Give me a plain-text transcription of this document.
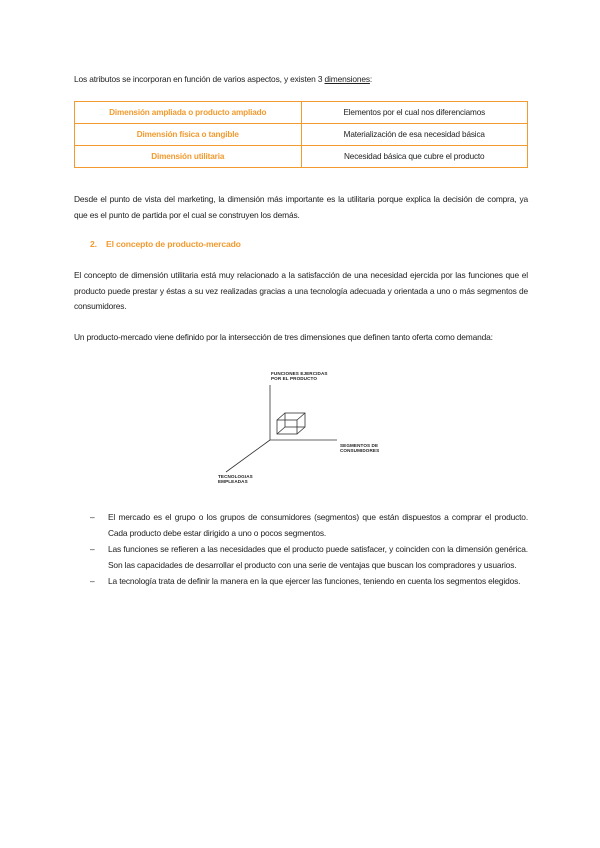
Los atributos se incorporan en función de varios aspectos, y existen 3 dimensiones:
Dimensión ampliada o producto ampliado	Elementos por el cual nos diferenciamos
Dimensión física o tangible	Materialización de esa necesidad básica
Dimensión utilitaria	Necesidad básica que cubre el producto
Desde el punto de vista del marketing, la dimensión más importante es la utilitaria porque explica la decisión de compra, ya que es el punto de partida por el cual se construyen los demás.
2. El concepto de producto-mercado
El concepto de dimensión utilitaria está muy relacionado a la satisfacción de una necesidad ejercida por las funciones que el producto puede prestar y éstas a su vez realizadas gracias a una tecnología adecuada y orientada a uno o más segmentos de consumidores.
Un producto-mercado viene definido por la intersección de tres dimensiones que definen tanto oferta como demanda:
FUNCIONES EJERCIDAS
POR EL PRODUCTO
SEGMENTOS DE
CONSUMIDORES
TECNOLOGIAS
EMPLEADAS
– El mercado es el grupo o los grupos de consumidores (segmentos) que están dispuestos a comprar el producto. Cada producto debe estar dirigido a uno o pocos segmentos.
– Las funciones se refieren a las necesidades que el producto puede satisfacer, y coinciden con la dimensión genérica. Son las capacidades de desarrollar el producto con una serie de ventajas que buscan los compradores y usuarios.
– La tecnología trata de definir la manera en la que ejercer las funciones, teniendo en cuenta los segmentos elegidos.
